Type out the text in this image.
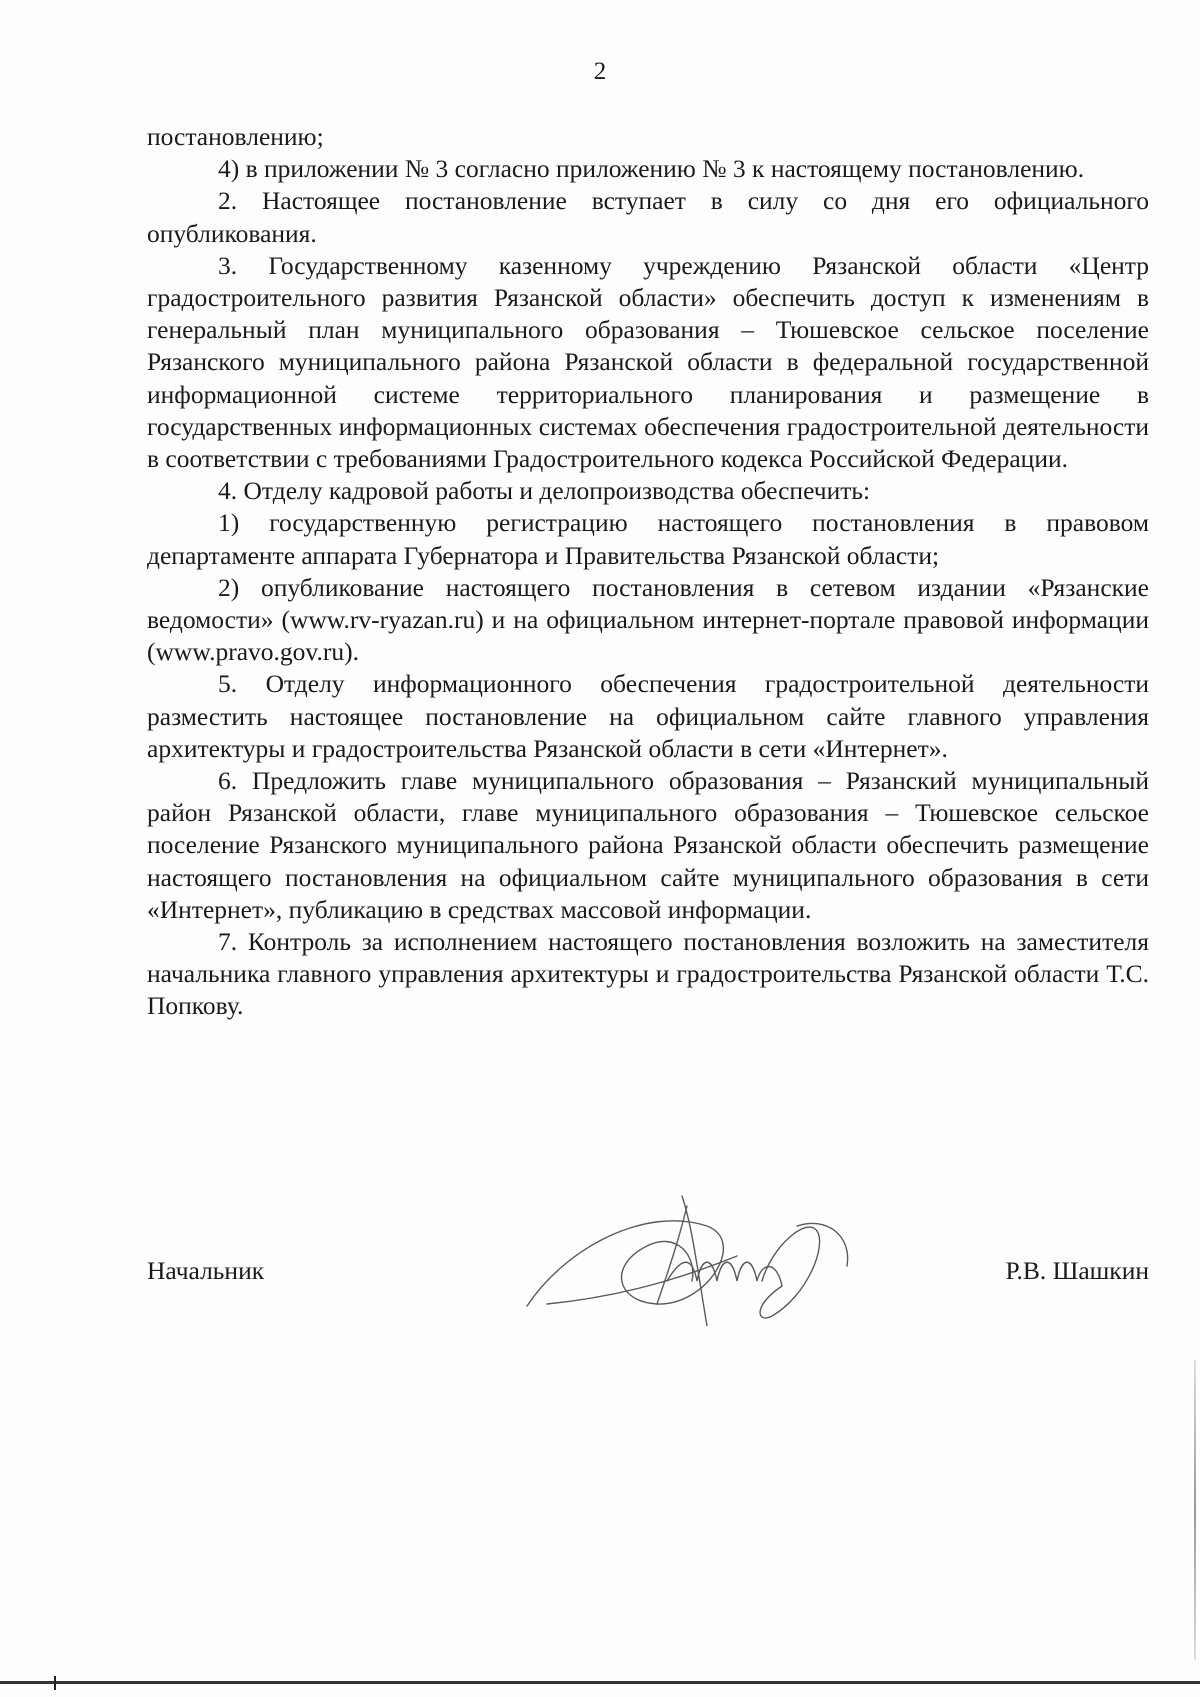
2

постановлению;

4) в приложении № 3 согласно приложению № 3 к настоящему постановлению.

2. Настоящее постановление вступает в силу со дня его официального опубликования.

3. Государственному казенному учреждению Рязанской области «Центр градостроительного развития Рязанской области» обеспечить доступ к изменениям в генеральный план муниципального образования – Тюшевское сельское поселение Рязанского муниципального района Рязанской области в федеральной государственной информационной системе территориального планирования и размещение в государственных информационных системах обеспечения градостроительной деятельности в соответствии с требованиями Градостроительного кодекса Российской Федерации.

4. Отделу кадровой работы и делопроизводства обеспечить:

1) государственную регистрацию настоящего постановления в правовом департаменте аппарата Губернатора и Правительства Рязанской области;

2) опубликование настоящего постановления в сетевом издании «Рязанские ведомости» (www.rv-ryazan.ru) и на официальном интернет-портале правовой информации (www.pravo.gov.ru).

5. Отделу информационного обеспечения градостроительной деятельности разместить настоящее постановление на официальном сайте главного управления архитектуры и градостроительства Рязанской области в сети «Интернет».

6. Предложить главе муниципального образования – Рязанский муниципальный район Рязанской области, главе муниципального образования – Тюшевское сельское поселение Рязанского муниципального района Рязанской области обеспечить размещение настоящего постановления на официальном сайте муниципального образования в сети «Интернет», публикацию в средствах массовой информации.

7. Контроль за исполнением настоящего постановления возложить на заместителя начальника главного управления архитектуры и градостроительства Рязанской области Т.С. Попкову.

Начальник	Р.В. Шашкин
